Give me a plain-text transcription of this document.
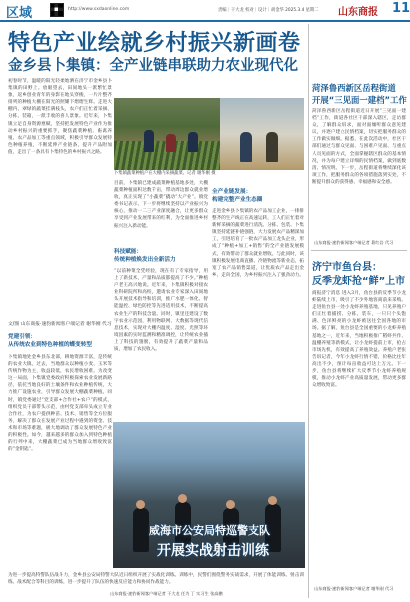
区域	http://www.sxdaonline.com	责编｜干大龙 校对｜设计｜胡金华 2025.3.4 星期二 山东商报 11
特色产业绘就乡村振兴新画卷
金乡县卜集镇：全产业链串联助力农业现代化
初春时节，温暖的阳光轻柔地洒在济宁市金乡县卜集镇的田野上。放眼望去，田间地头一派繁忙景象，返乡创业青年的身影在地头穿梭，一片片整齐排列的种植大棚在阳光的照耀下熠熠生辉。走进大棚内，翠绿的蔬菜挂满枝头，农户们正忙着采摘、分拣、装箱，一派丰收的喜人景象。近年来，卜集镇立足自身资源禀赋，坚持把发展特色产业作为推动乡村振兴的重要抓手，聚焦蔬菜种植、畜禽养殖、农产品加工等重点领域，积极引导群众发展特色种植养殖，不断延伸产业链条，提升产品附加值，走出了一条具有卜集特色的乡村振兴之路。
文/图 山东商报·速豹新闻客户端记者 谢华刚 代习
党建引领：
从传统农业到特色种植的蝶变转型
卜集镇地处金乡县东北部，耕地资源丰富，是传统的农业大镇。过去，当地群众以种植小麦、玉米等传统作物为主，收益较低，农民增收困难。为改变这一局面，卜集镇党委政府积极探索农业发展新路径，依托当地良好的土壤条件和农业种植传统，大力推广设施农业，引导群众发展大棚蔬菜种植。同时，镇党委通过“党支部+合作社+农户”的模式，组织党员干部带头示范，由村党支部牵头成立专业合作社，为农户提供种苗、技术、销售等全方位服务，解决了群众在发展产业过程中遇到的资金、技术和市场等难题，极大地调动了群众发展特色产业的积极性。如今，越来越多的群众加入到特色种植的行列中来，大棚蔬菜已成为当地群众增收致富的“金钥匙”。
卜集镇蔬菜种植户在大棚内采摘蔬菜。记者 谢华刚 摄
目前，卜集镇已建成蔬菜种植基地多处，大棚蔬菜种植面积达数千亩，带动周边群众就业增收，真正实现了“小蔬菜”撬动“大产业”。镇党委书记表示，下一步将继续坚持以产业振兴为核心，推动一二三产业深度融合，让更多群众享受到产业发展带来的红利，为全面推进乡村振兴注入新动能。
科技赋能：
传统种植焕发出全新活力
“以前种菜全凭经验，现在有了专家指导，用上了新技术，产量和品质都提高了不少。”种植户老王高兴地说。近年来，卜集镇积极对接农业科研院所和高校，邀请农业专家深入田间地头开展技术指导和培训，推广水肥一体化、智能温控、绿色防控等先进适用技术，不断提高农业生产的科技含量。同时，镇里还建设了数字农业示范园，利用物联网、大数据等现代信息技术，实现对大棚内温度、湿度、光照等环境因素的实时监测和精准调控，让传统农业插上了科技的翅膀，有效提升了蔬菜产量和品质，增加了农民收入。
全产业链发展：
构建完整产业生态圈
走进金乡县卜集镇的农产品加工企业，一排排整齐的生产线正在高速运转，工人们正忙着对新鲜采摘的蔬菜进行清洗、分拣、包装。卜集镇坚持延链补链强链，大力发展农产品精深加工，引进培育了一批农产品加工龙头企业，形成了“种植+加工+销售”的全产业链发展模式，有效带动了群众就业增收。与此同时，该镇积极发展电商直播、冷链物流等新业态，拓宽了农产品销售渠道，让优质农产品走出金乡、走向全国，为乡村振兴注入了强劲动力。
威海市公安局特巡警支队
开展实战射击训练
为进一步提高特警队伍战斗力，金乡县公安局特警大队近日组织开展了实战化训练。训练中，民警们围绕警务实战需求，开展了体能训练、射击训练、战术配合等科目的训练，进一步提升了队伍的快速反应能力和协同作战能力。
山东商报·速豹新闻客户端记者 干大龙 任为 丁 实习生 张高鹏
菏泽鲁西新区岳程街道
开展“三见面一建档”工作
菏泽鲁西新区岳程街道近日开展“三见面一建档”工作，街道各社区干部深入辖区，走访群众，了解群众诉求，面对面倾听群众意见建议，并逐户建立民情档案，切实把服务群众的工作做实做细。据悉，在此次活动中，社区干部们通过与群众见面、与困难户见面、与重点人员见面的方式，全面掌握辖区群众的基本情况，并为每户建立详细的民情档案，做到底数清、情况明。下一步，岳程街道将继续深化该项工作，把服务群众的各项措施落到实处，不断提升群众的获得感、幸福感和安全感。
山东商报·速豹新闻客户端记者 葛红岩 代习
济宁市鱼台县：
反季龙虾抢“鲜”上市
商报济宁消息 进入3月，鱼台县的反季节小龙虾陆续上市，吸引了不少外地客商前来采购。走进鱼台县一处小龙虾养殖基地，只见养殖户们正忙着捕捞、分拣、装车，一只只个头饱满、色泽鲜亮的小龙虾被送往全国各地的市场。据了解，鱼台县是全国重要的小龙虾养殖基地之一，近年来，当地积极推广稻虾共作、温棚养殖等新模式，让小龙虾提前上市，抢占市场先机，有效提高了养殖效益。养殖户老张告诉记者，今年小龙虾行情不错，价格比往年高出不少，预计每亩收益可达上万元。下一步，鱼台县将继续扩大反季节小龙虾养殖规模，推动小龙虾产业高质量发展，带动更多群众增收致富。
山东商报·速豹新闻客户端记者 谢华刚 代习
